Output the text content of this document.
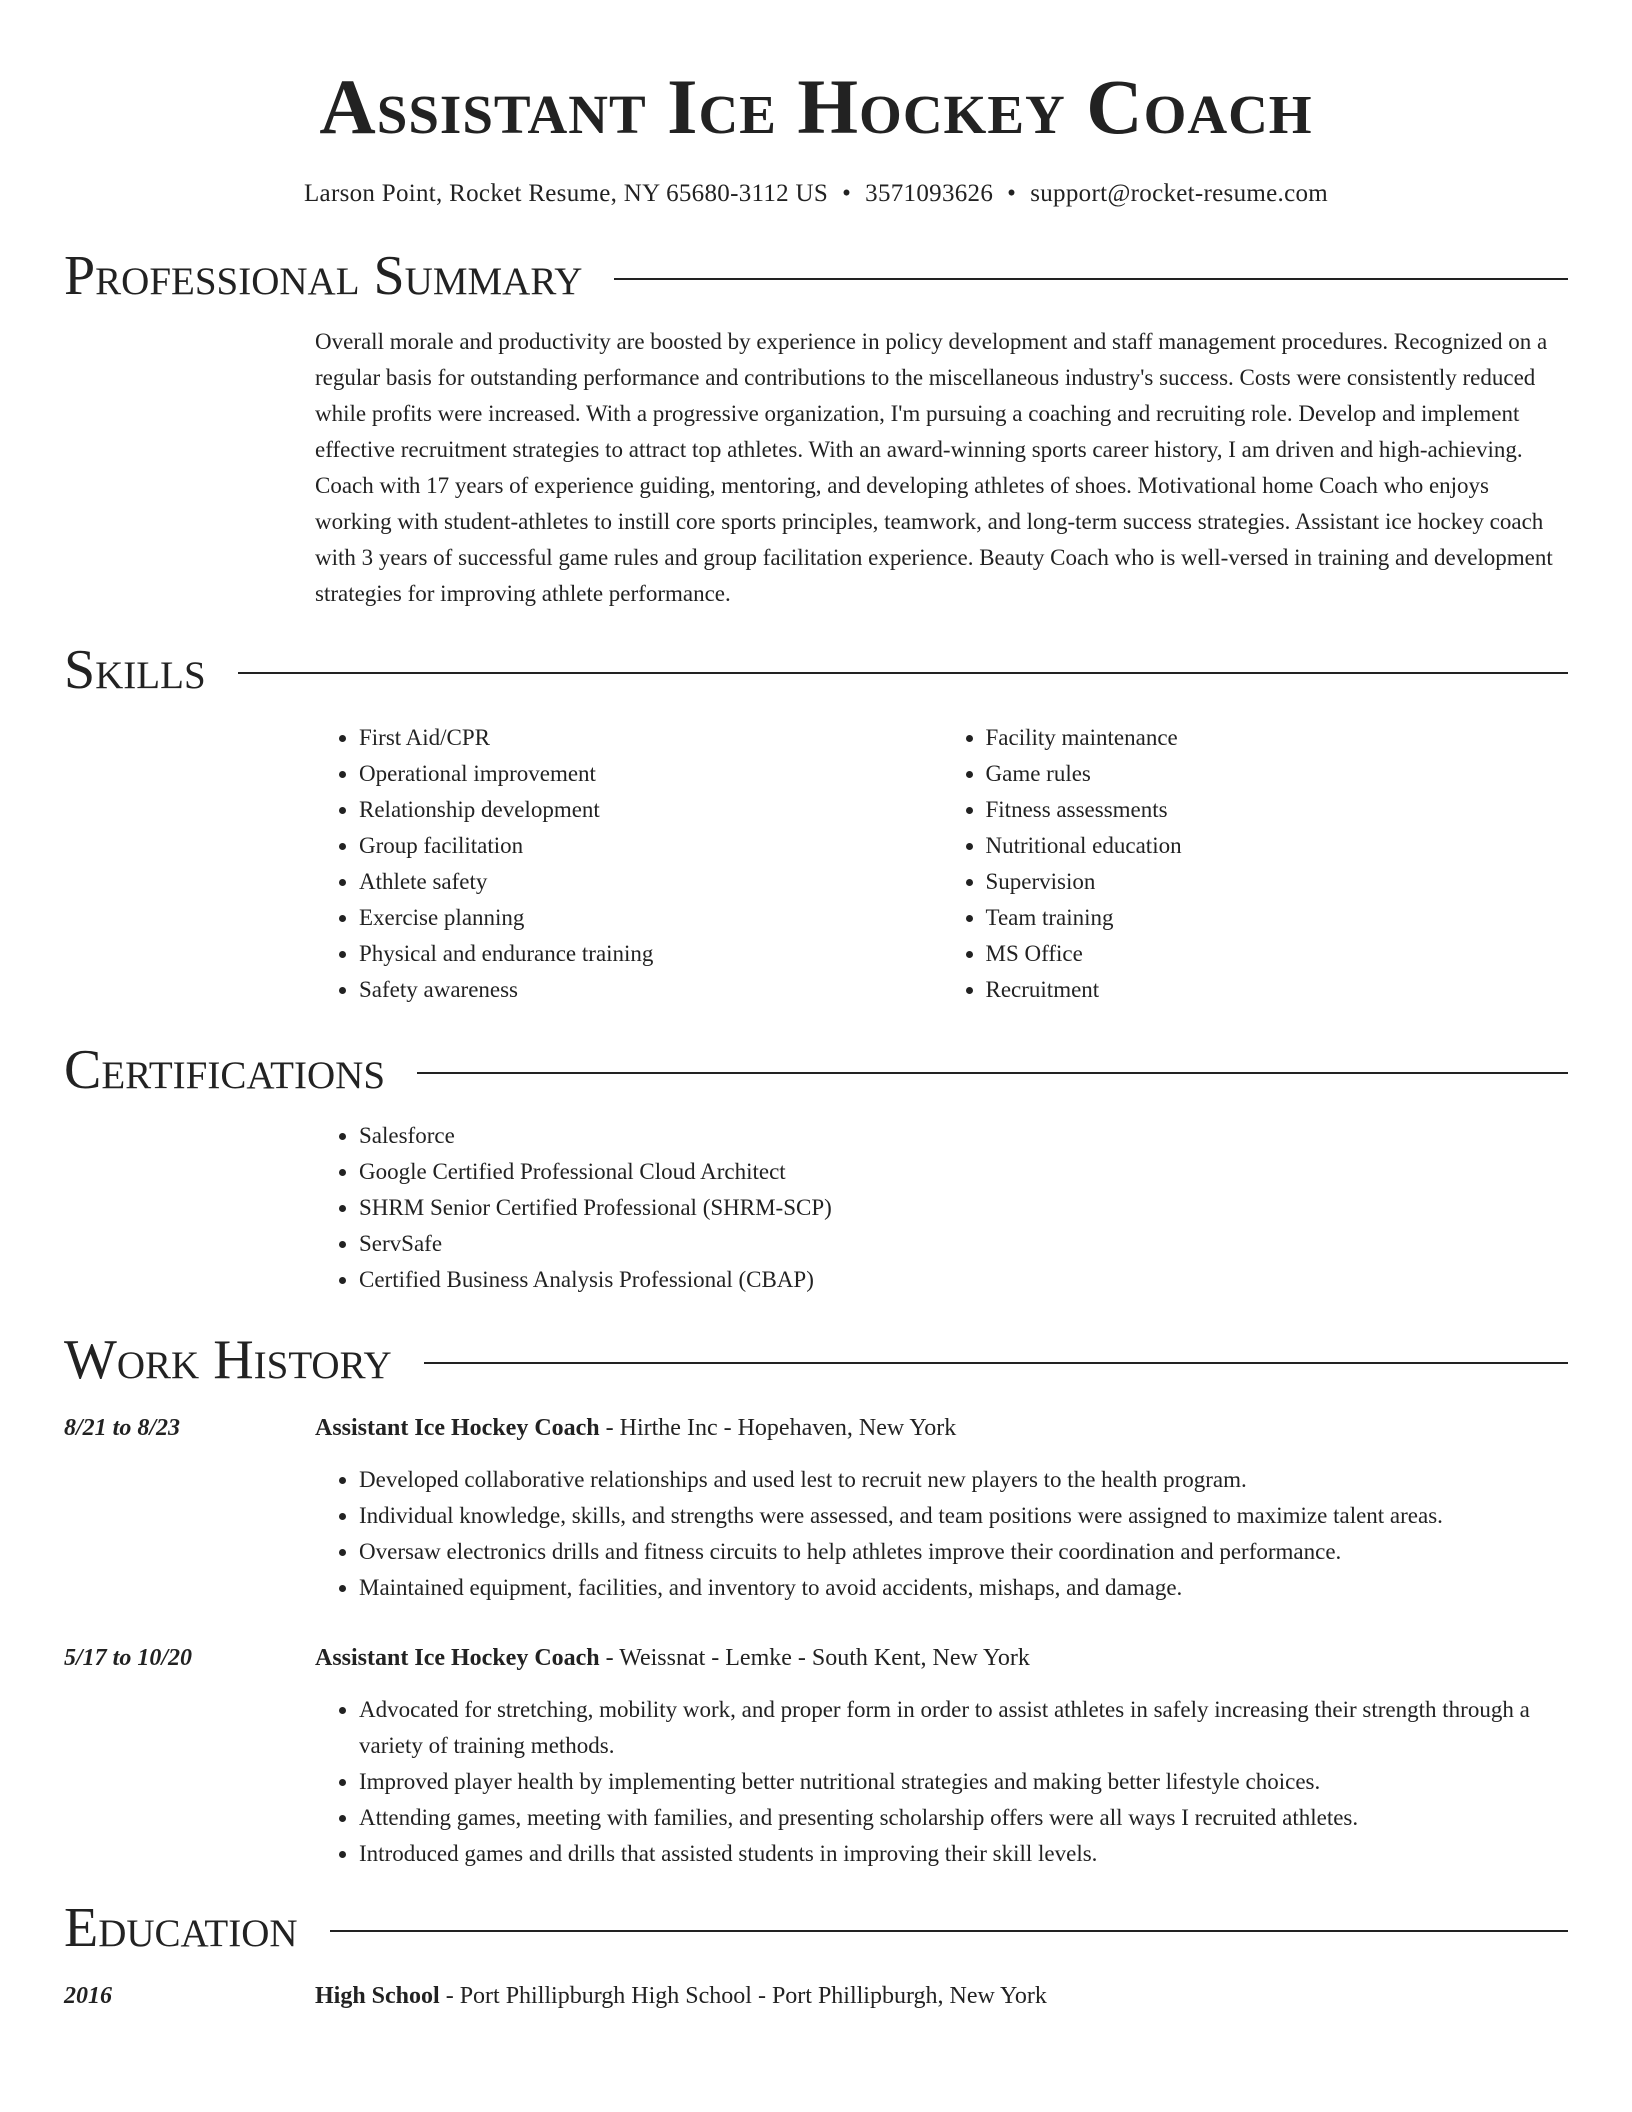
Assistant Ice Hockey Coach
Larson Point, Rocket Resume, NY 65680-3112 US • 3571093626 • support@rocket-resume.com
Professional Summary
Overall morale and productivity are boosted by experience in policy development and staff management procedures. Recognized on a regular basis for outstanding performance and contributions to the miscellaneous industry's success. Costs were consistently reduced while profits were increased. With a progressive organization, I'm pursuing a coaching and recruiting role. Develop and implement effective recruitment strategies to attract top athletes. With an award-winning sports career history, I am driven and high-achieving. Coach with 17 years of experience guiding, mentoring, and developing athletes of shoes. Motivational home Coach who enjoys working with student-athletes to instill core sports principles, teamwork, and long-term success strategies. Assistant ice hockey coach with 3 years of successful game rules and group facilitation experience. Beauty Coach who is well-versed in training and development strategies for improving athlete performance.
Skills
• First Aid/CPR
• Operational improvement
• Relationship development
• Group facilitation
• Athlete safety
• Exercise planning
• Physical and endurance training
• Safety awareness
• Facility maintenance
• Game rules
• Fitness assessments
• Nutritional education
• Supervision
• Team training
• MS Office
• Recruitment
Certifications
• Salesforce
• Google Certified Professional Cloud Architect
• SHRM Senior Certified Professional (SHRM-SCP)
• ServSafe
• Certified Business Analysis Professional (CBAP)
Work History
8/21 to 8/23	Assistant Ice Hockey Coach - Hirthe Inc - Hopehaven, New York
• Developed collaborative relationships and used lest to recruit new players to the health program.
• Individual knowledge, skills, and strengths were assessed, and team positions were assigned to maximize talent areas.
• Oversaw electronics drills and fitness circuits to help athletes improve their coordination and performance.
• Maintained equipment, facilities, and inventory to avoid accidents, mishaps, and damage.
5/17 to 10/20	Assistant Ice Hockey Coach - Weissnat - Lemke - South Kent, New York
• Advocated for stretching, mobility work, and proper form in order to assist athletes in safely increasing their strength through a variety of training methods.
• Improved player health by implementing better nutritional strategies and making better lifestyle choices.
• Attending games, meeting with families, and presenting scholarship offers were all ways I recruited athletes.
• Introduced games and drills that assisted students in improving their skill levels.
Education
2016	High School - Port Phillipburgh High School - Port Phillipburgh, New York
